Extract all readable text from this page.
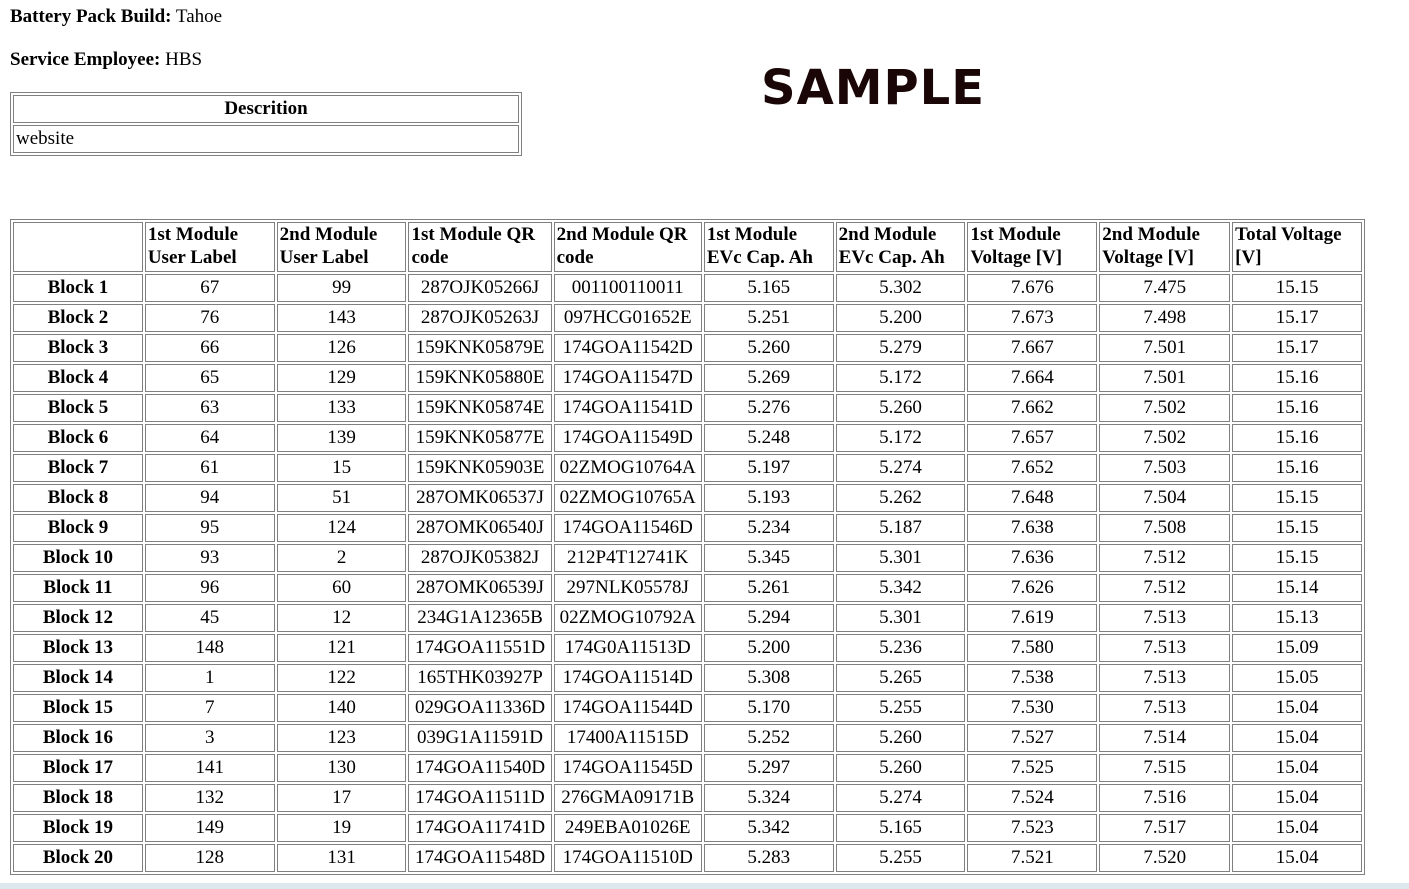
Battery Pack Build: Tahoe
Service Employee: HBS
SAMPLE
Descrition
website
	1st Module User Label	2nd Module User Label	1st Module QR code	2nd Module QR code	1st Module EVc Cap. Ah	2nd Module EVc Cap. Ah	1st Module Voltage [V]	2nd Module Voltage [V]	Total Voltage [V]
Block 1	67	99	287OJK05266J	001100110011	5.165	5.302	7.676	7.475	15.15
Block 2	76	143	287OJK05263J	097HCG01652E	5.251	5.200	7.673	7.498	15.17
Block 3	66	126	159KNK05879E	174GOA11542D	5.260	5.279	7.667	7.501	15.17
Block 4	65	129	159KNK05880E	174GOA11547D	5.269	5.172	7.664	7.501	15.16
Block 5	63	133	159KNK05874E	174GOA11541D	5.276	5.260	7.662	7.502	15.16
Block 6	64	139	159KNK05877E	174GOA11549D	5.248	5.172	7.657	7.502	15.16
Block 7	61	15	159KNK05903E	02ZMOG10764A	5.197	5.274	7.652	7.503	15.16
Block 8	94	51	287OMK06537J	02ZMOG10765A	5.193	5.262	7.648	7.504	15.15
Block 9	95	124	287OMK06540J	174GOA11546D	5.234	5.187	7.638	7.508	15.15
Block 10	93	2	287OJK05382J	212P4T12741K	5.345	5.301	7.636	7.512	15.15
Block 11	96	60	287OMK06539J	297NLK05578J	5.261	5.342	7.626	7.512	15.14
Block 12	45	12	234G1A12365B	02ZMOG10792A	5.294	5.301	7.619	7.513	15.13
Block 13	148	121	174GOA11551D	174G0A11513D	5.200	5.236	7.580	7.513	15.09
Block 14	1	122	165THK03927P	174GOA11514D	5.308	5.265	7.538	7.513	15.05
Block 15	7	140	029GOA11336D	174GOA11544D	5.170	5.255	7.530	7.513	15.04
Block 16	3	123	039G1A11591D	17400A11515D	5.252	5.260	7.527	7.514	15.04
Block 17	141	130	174GOA11540D	174GOA11545D	5.297	5.260	7.525	7.515	15.04
Block 18	132	17	174GOA11511D	276GMA09171B	5.324	5.274	7.524	7.516	15.04
Block 19	149	19	174GOA11741D	249EBA01026E	5.342	5.165	7.523	7.517	15.04
Block 20	128	131	174GOA11548D	174GOA11510D	5.283	5.255	7.521	7.520	15.04
